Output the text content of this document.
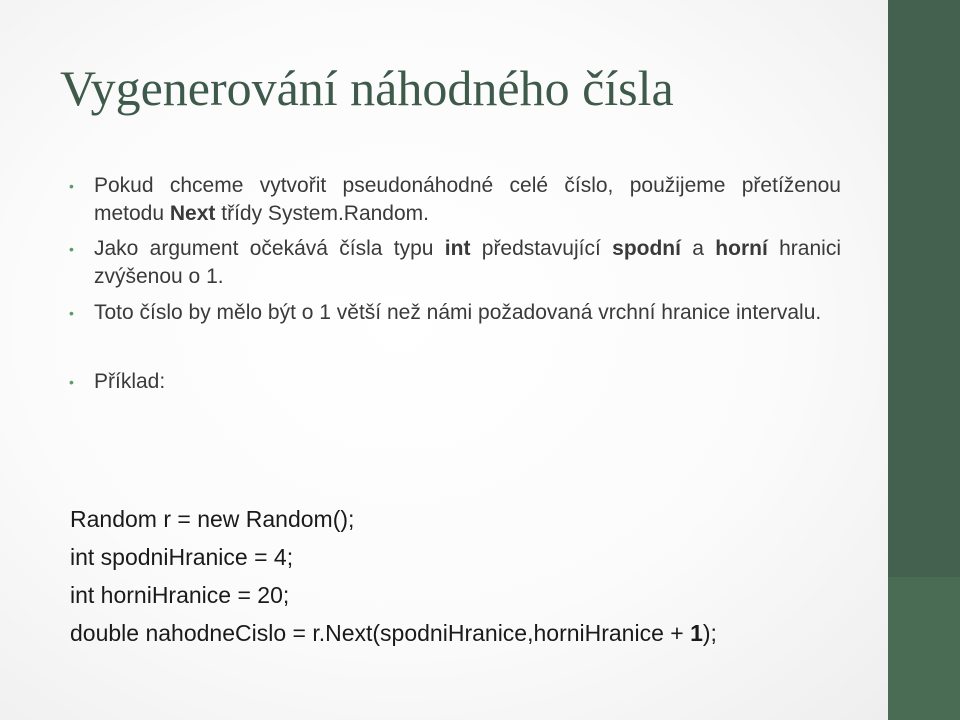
Vygenerování náhodného čísla
• Pokud chceme vytvořit pseudonáhodné celé číslo, použijeme přetíženou metodu Next třídy System.Random.
• Jako argument očekává čísla typu int představující spodní a horní hranici zvýšenou o 1.
• Toto číslo by mělo být o 1 větší než námi požadovaná vrchní hranice intervalu.
• Příklad:
Random r = new Random();
int spodniHranice = 4;
int horniHranice = 20;
double nahodneCislo = r.Next(spodniHranice,horniHranice + 1);
